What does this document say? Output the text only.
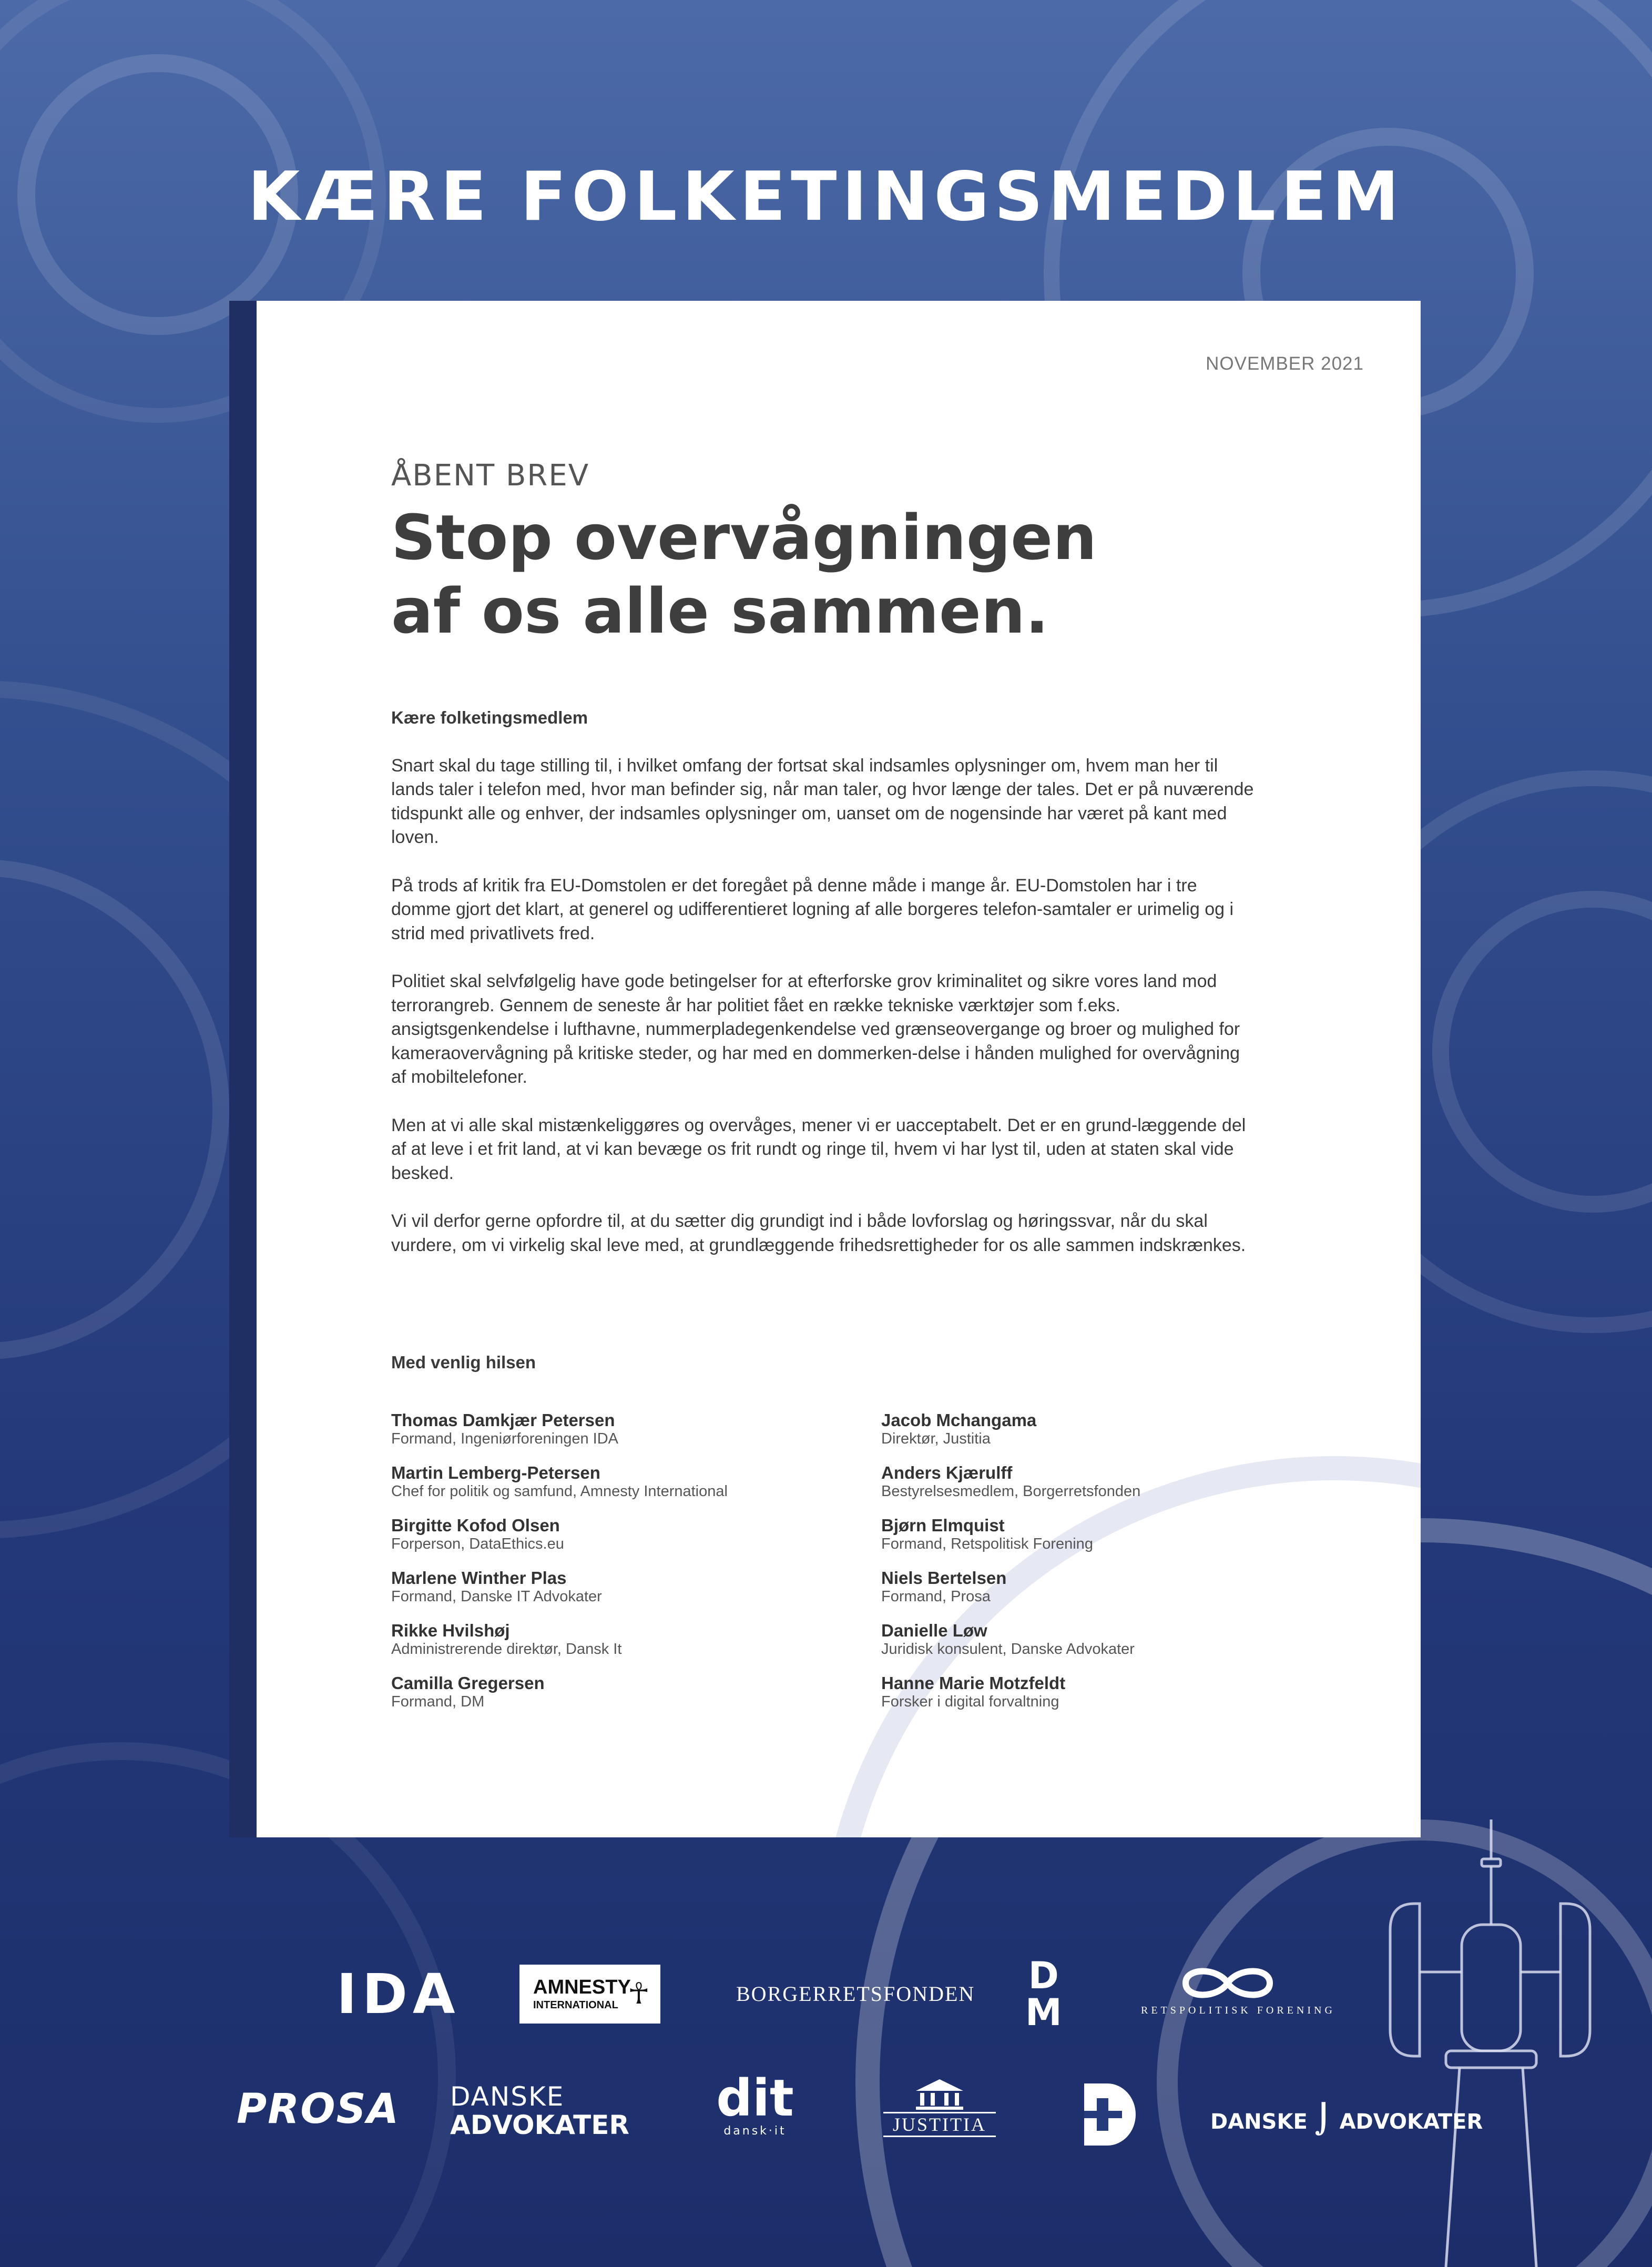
KÆRE FOLKETINGSMEDLEM

NOVEMBER 2021

ÅBENT BREV

Stop overvågningen
af os alle sammen.

Kære folketingsmedlem

Snart skal du tage stilling til, i hvilket omfang der fortsat skal indsamles oplysninger om, hvem man her til lands taler i telefon med, hvor man befinder sig, når man taler, og hvor længe der tales. Det er på nuværende tidspunkt alle og enhver, der indsamles oplysninger om, uanset om de nogensinde har været på kant med loven.

På trods af kritik fra EU-Domstolen er det foregået på denne måde i mange år. EU-Domstolen har i tre domme gjort det klart, at generel og udifferentieret logning af alle borgeres telefon-samtaler er urimelig og i strid med privatlivets fred.

Politiet skal selvfølgelig have gode betingelser for at efterforske grov kriminalitet og sikre vores land mod terrorangreb. Gennem de seneste år har politiet fået en række tekniske værktøjer som f.eks. ansigtsgenkendelse i lufthavne, nummerpladegenkendelse ved grænseovergange og broer og mulighed for kameraovervågning på kritiske steder, og har med en dommerken-delse i hånden mulighed for overvågning af mobiltelefoner.

Men at vi alle skal mistænkeliggøres og overvåges, mener vi er uacceptabelt. Det er en grund-læggende del af at leve i et frit land, at vi kan bevæge os frit rundt og ringe til, hvem vi har lyst til, uden at staten skal vide besked.

Vi vil derfor gerne opfordre til, at du sætter dig grundigt ind i både lovforslag og høringssvar, når du skal vurdere, om vi virkelig skal leve med, at grundlæggende frihedsrettigheder for os alle sammen indskrænkes.

Med venlig hilsen

Thomas Damkjær Petersen

Formand, Ingeniørforeningen IDA

Martin Lemberg-Petersen

Chef for politik og samfund, Amnesty International

Birgitte Kofod Olsen

Forperson, DataEthics.eu

Marlene Winther Plas

Formand, Danske IT Advokater

Rikke Hvilshøj

Administrerende direktør, Dansk It

Camilla Gregersen

Formand, DM

Jacob Mchangama

Direktør, Justitia

Anders Kjærulff

Bestyrelsesmedlem, Borgerretsfonden

Bjørn Elmquist

Formand, Retspolitisk Forening

Niels Bertelsen

Formand, Prosa

Danielle Løw

Juridisk konsulent, Danske Advokater

Hanne Marie Motzfeldt

Forsker i digital forvaltning

IDA	AMNESTY
INTERNATIONAL ☥	BORGERRETSFONDEN D
M	RETSPOLITISK FORENING
PROSA DANSKE
ADVOKATER dit
dansk·it	JUSTITIA	DANSKE ⌡ ADVOKATER
